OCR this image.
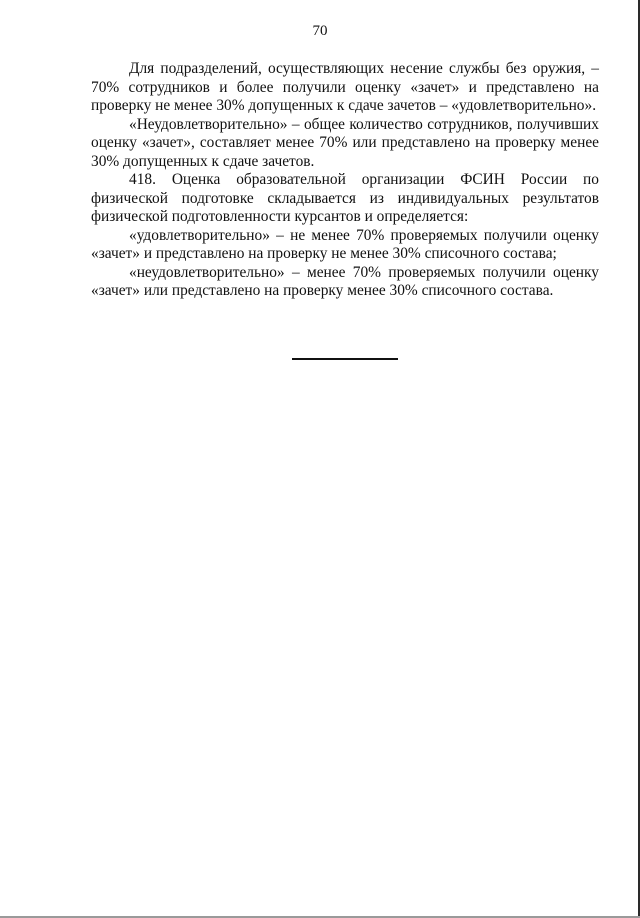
70

Для подразделений, осуществляющих несение службы без оружия, – 70% сотрудников и более получили оценку «зачет» и представлено на проверку не менее 30% допущенных к сдаче зачетов – «удовлетворительно».

«Неудовлетворительно» – общее количество сотрудников, получивших оценку «зачет», составляет менее 70% или представлено на проверку менее 30% допущенных к сдаче зачетов.

418. Оценка образовательной организации ФСИН России по физической подготовке складывается из индивидуальных результатов физической подготовленности курсантов и определяется:

«удовлетворительно» – не менее 70% проверяемых получили оценку «зачет» и представлено на проверку не менее 30% списочного состава;

«неудовлетворительно» – менее 70% проверяемых получили оценку «зачет» или представлено на проверку менее 30% списочного состава.
